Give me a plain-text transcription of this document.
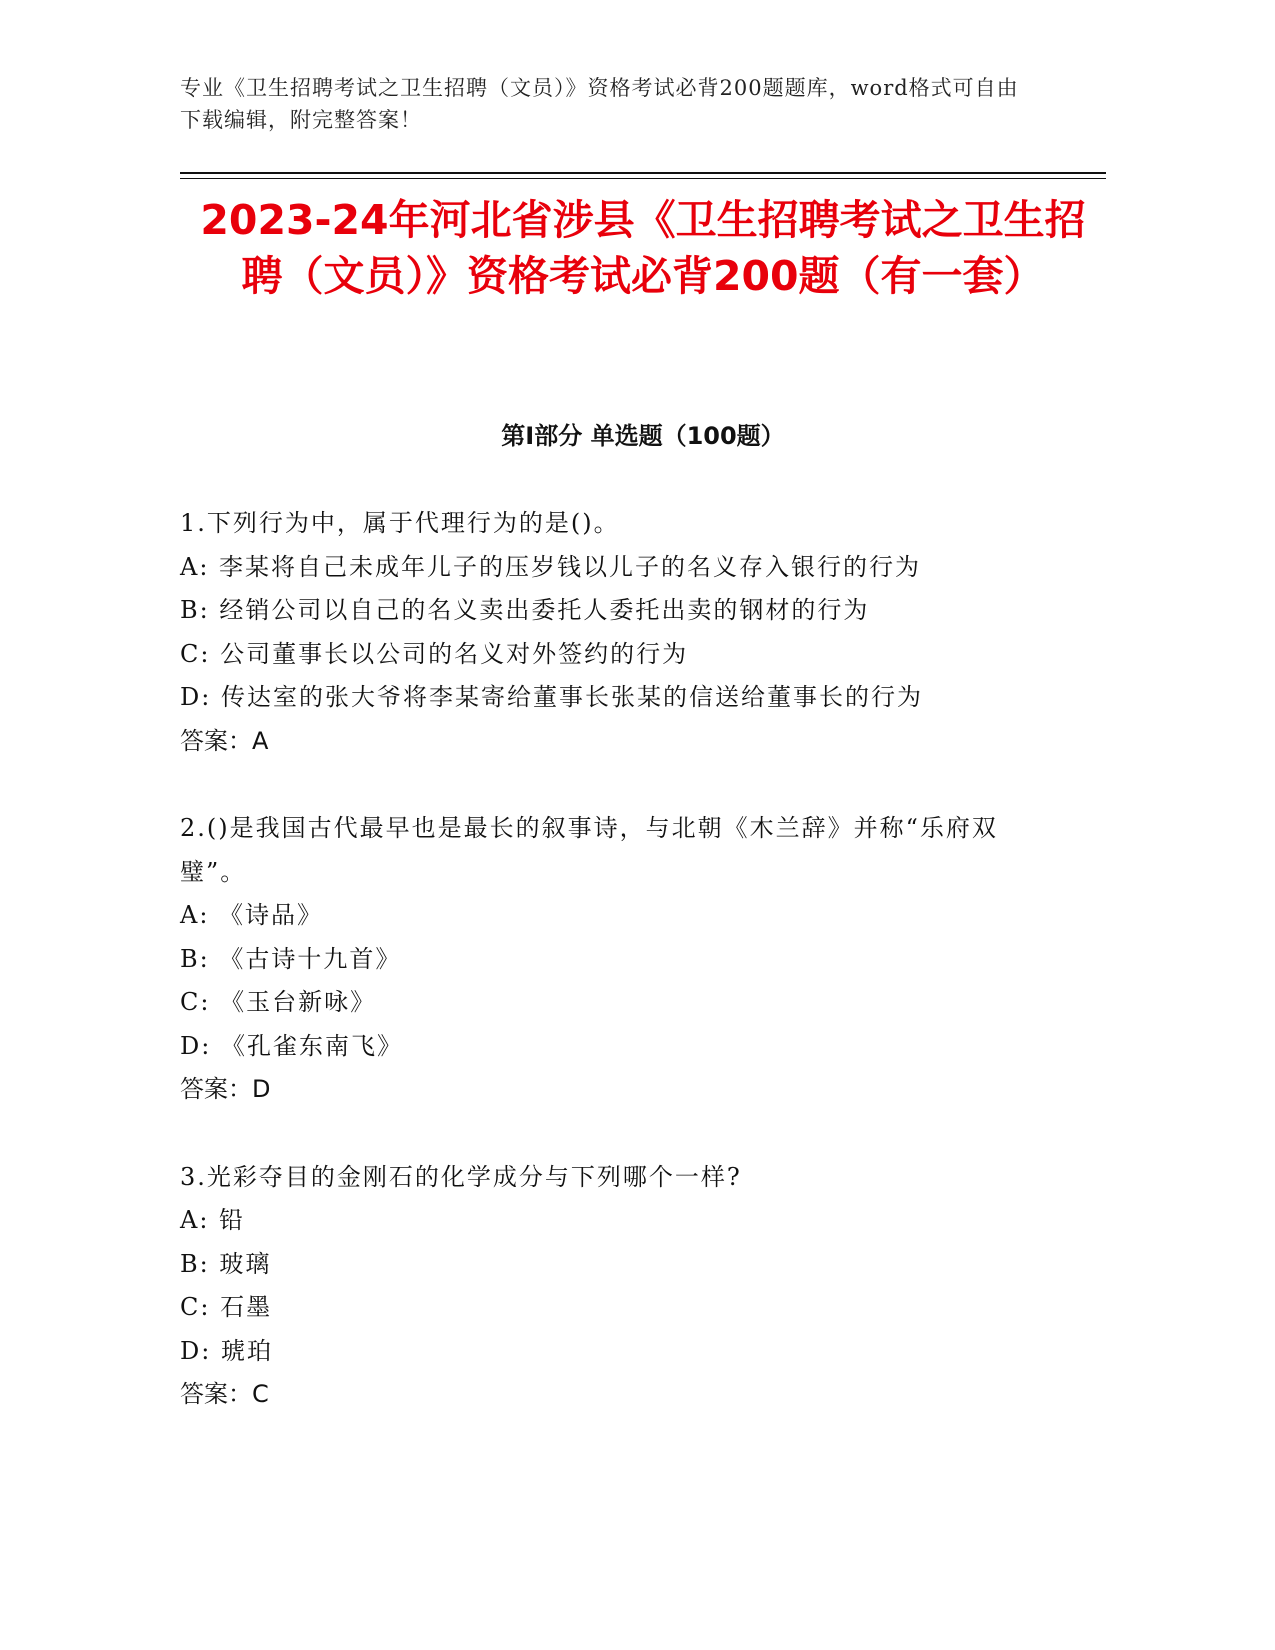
专业《卫生招聘考试之卫生招聘（文员）》资格考试必背200题题库，word格式可自由下载编辑，附完整答案！

2023-24年河北省涉县《卫生招聘考试之卫生招聘（文员）》资格考试必背200题（有一套）
第I部分 单选题（100题）

1.下列行为中，属于代理行为的是()。

A: 李某将自己未成年儿子的压岁钱以儿子的名义存入银行的行为

B: 经销公司以自己的名义卖出委托人委托出卖的钢材的行为

C: 公司董事长以公司的名义对外签约的行为

D: 传达室的张大爷将李某寄给董事长张某的信送给董事长的行为

答案：A

2.()是我国古代最早也是最长的叙事诗，与北朝《木兰辞》并称“乐府双璧”。

A: 《诗品》

B: 《古诗十九首》

C: 《玉台新咏》

D: 《孔雀东南飞》

答案：D

3.光彩夺目的金刚石的化学成分与下列哪个一样?

A: 铅

B: 玻璃

C: 石墨

D: 琥珀

答案：C
